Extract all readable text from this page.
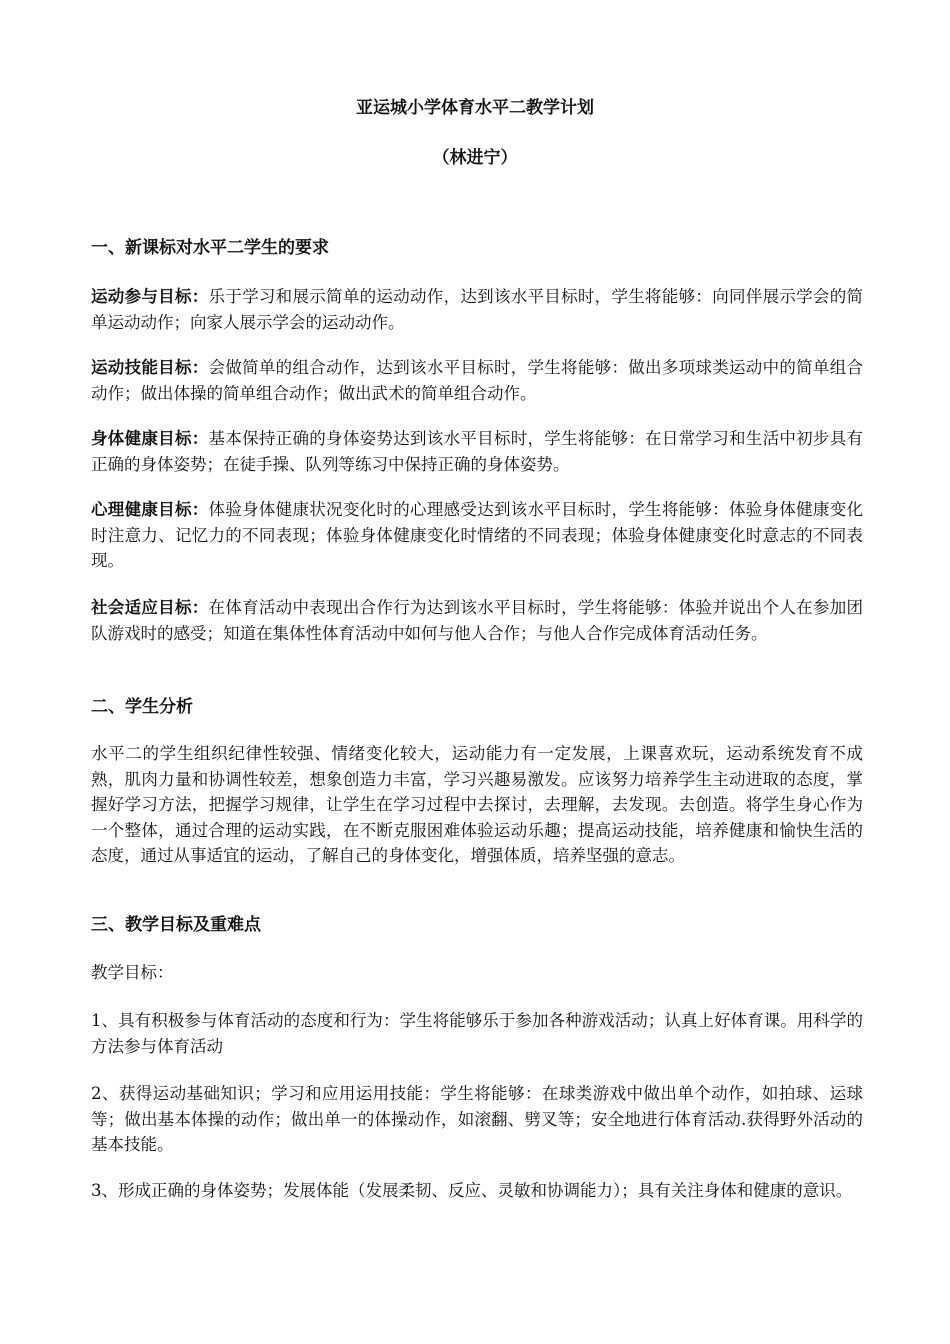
亚运城小学体育水平二教学计划
（林进宁）
一、新课标对水平二学生的要求
运动参与目标：乐于学习和展示简单的运动动作，达到该水平目标时，学生将能够：向同伴展示学会的简单运动动作；向家人展示学会的运动动作。
运动技能目标：会做简单的组合动作，达到该水平目标时，学生将能够：做出多项球类运动中的简单组合动作；做出体操的简单组合动作；做出武术的简单组合动作。
身体健康目标：基本保持正确的身体姿势达到该水平目标时，学生将能够：在日常学习和生活中初步具有正确的身体姿势；在徒手操、队列等练习中保持正确的身体姿势。
心理健康目标：体验身体健康状况变化时的心理感受达到该水平目标时，学生将能够：体验身体健康变化时注意力、记忆力的不同表现；体验身体健康变化时情绪的不同表现；体验身体健康变化时意志的不同表现。
社会适应目标：在体育活动中表现出合作行为达到该水平目标时，学生将能够：体验并说出个人在参加团队游戏时的感受；知道在集体性体育活动中如何与他人合作；与他人合作完成体育活动任务。
二、学生分析
水平二的学生组织纪律性较强、情绪变化较大，运动能力有一定发展，上课喜欢玩，运动系统发育不成熟，肌肉力量和协调性较差，想象创造力丰富，学习兴趣易激发。应该努力培养学生主动进取的态度，掌握好学习方法，把握学习规律，让学生在学习过程中去探讨，去理解，去发现。去创造。将学生身心作为一个整体，通过合理的运动实践，在不断克服困难体验运动乐趣；提高运动技能，培养健康和愉快生活的态度，通过从事适宜的运动，了解自己的身体变化，增强体质，培养坚强的意志。
三、教学目标及重难点
教学目标：
1、具有积极参与体育活动的态度和行为：学生将能够乐于参加各种游戏活动；认真上好体育课。用科学的方法参与体育活动
2、获得运动基础知识；学习和应用运用技能：学生将能够：在球类游戏中做出单个动作，如拍球、运球等；做出基本体操的动作；做出单一的体操动作，如滚翻、劈叉等；安全地进行体育活动.获得野外活动的基本技能。
3、形成正确的身体姿势；发展体能（发展柔韧、反应、灵敏和协调能力）；具有关注身体和健康的意识。
